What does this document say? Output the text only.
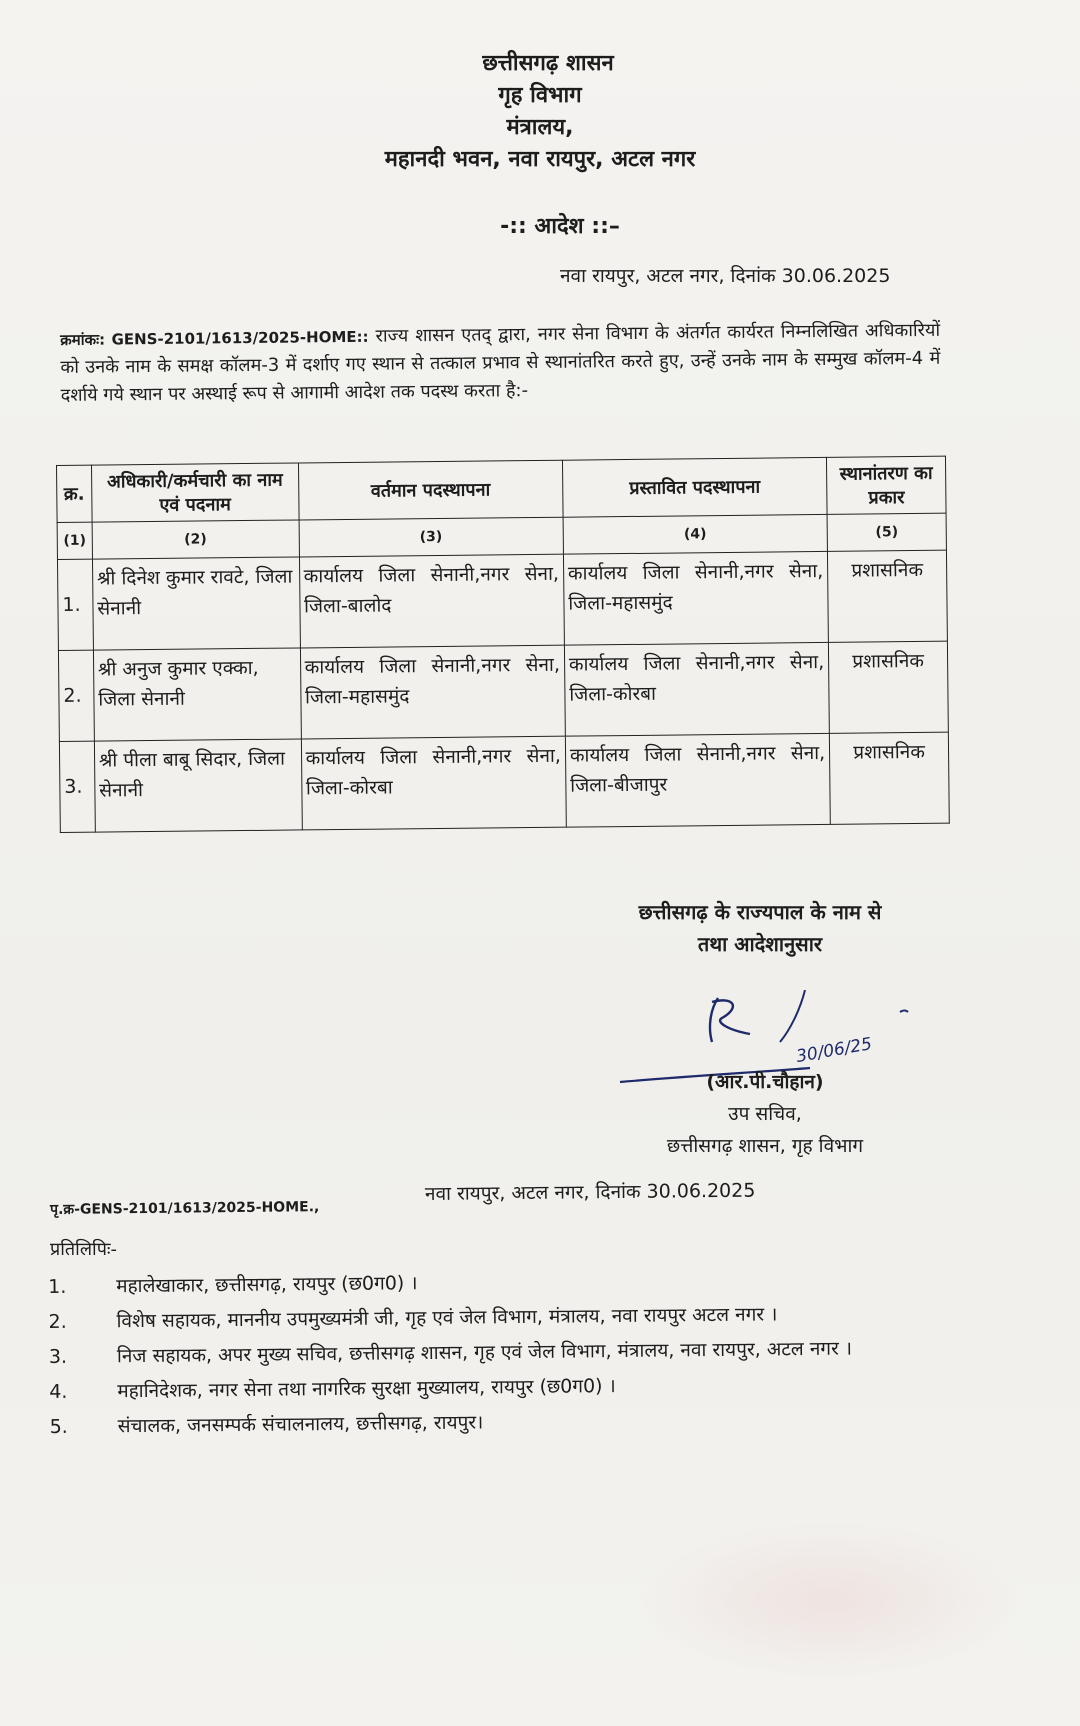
छत्तीसगढ़ शासन
गृह विभाग
मंत्रालय,
महानदी भवन, नवा रायपुर, अटल नगर
-:: आदेश ::–
नवा रायपुर, अटल नगर, दिनांक 30.06.2025
क्रमांकः: GENS-2101/1613/2025-HOME:: राज्य शासन एतद् द्वारा, नगर सेना विभाग के अंतर्गत कार्यरत निम्नलिखित अधिकारियों को उनके नाम के समक्ष कॉलम-3 में दर्शाए गए स्थान से तत्काल प्रभाव से स्थानांतरित करते हुए, उन्हें उनके नाम के सम्मुख कॉलम-4 में दर्शाये गये स्थान पर अस्थाई रूप से आगामी आदेश तक पदस्थ करता है:-
क्र.	अधिकारी/कर्मचारी का नाम एवं पदनाम	वर्तमान पदस्थापना	प्रस्तावित पदस्थापना	स्थानांतरण का प्रकार
(1)	(2)	(3)	(4)	(5)
1.	श्री दिनेश कुमार रावटे, जिला सेनानी	कार्यालय जिला सेनानी,नगर सेना, जिला-बालोद	कार्यालय जिला सेनानी,नगर सेना, जिला-महासमुंद	प्रशासनिक
2.	श्री अनुज कुमार एक्का, जिला सेनानी	कार्यालय जिला सेनानी,नगर सेना, जिला-महासमुंद	कार्यालय जिला सेनानी,नगर सेना, जिला-कोरबा	प्रशासनिक
3.	श्री पीला बाबू सिदार, जिला सेनानी	कार्यालय जिला सेनानी,नगर सेना, जिला-कोरबा	कार्यालय जिला सेनानी,नगर सेना, जिला-बीजापुर	प्रशासनिक
छत्तीसगढ़ के राज्यपाल के नाम से
तथा आदेशानुसार
30/06/25
(आर.पी.चौहान)
उप सचिव,
छत्तीसगढ़ शासन, गृह विभाग
पृ.क्र-GENS-2101/1613/2025-HOME.,
नवा रायपुर, अटल नगर, दिनांक 30.06.2025
प्रतिलिपिः-
1.	महालेखाकार, छत्तीसगढ़, रायपुर (छ0ग0) ।
2.	विशेष सहायक, माननीय उपमुख्यमंत्री जी, गृह एवं जेल विभाग, मंत्रालय, नवा रायपुर अटल नगर ।
3.	निज सहायक, अपर मुख्य सचिव, छत्तीसगढ़ शासन, गृह एवं जेल विभाग, मंत्रालय, नवा रायपुर, अटल नगर ।
4.	महानिदेशक, नगर सेना तथा नागरिक सुरक्षा मुख्यालय, रायपुर (छ0ग0) ।
5.	संचालक, जनसम्पर्क संचालनालय, छत्तीसगढ़, रायपुर।
